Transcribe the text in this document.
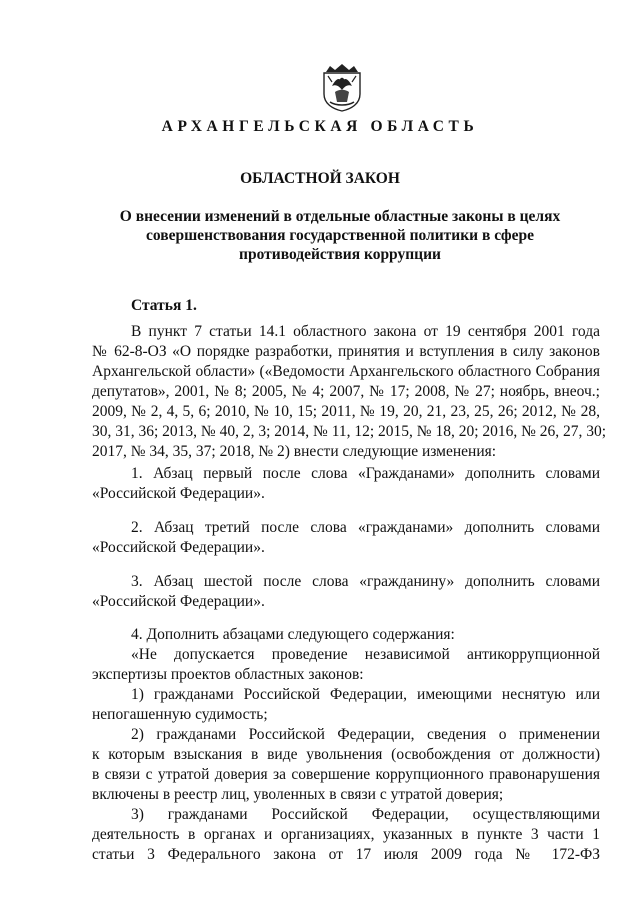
АРХАНГЕЛЬСКАЯ ОБЛАСТЬ
ОБЛАСТНОЙ ЗАКОН
О внесении изменений в отдельные областные законы в целях
совершенствования государственной политики в сфере
противодействия коррупции
Статья 1.
В пункт 7 статьи 14.1 областного закона от 19 сентября 2001 года
№ 62-8-ОЗ «О порядке разработки, принятия и вступления в силу законов
Архангельской области» («Ведомости Архангельского областного Собрания
депутатов», 2001, № 8; 2005, № 4; 2007, № 17; 2008, № 27; ноябрь, внеоч.;
2009, № 2, 4, 5, 6; 2010, № 10, 15; 2011, № 19, 20, 21, 23, 25, 26; 2012, № 28,
30, 31, 36; 2013, № 40, 2, 3; 2014, № 11, 12; 2015, № 18, 20; 2016, № 26, 27, 30;
2017, № 34, 35, 37; 2018, № 2) внести следующие изменения:
1. Абзац первый после слова «Гражданами» дополнить словами
«Российской Федерации».
2. Абзац третий после слова «гражданами» дополнить словами
«Российской Федерации».
3. Абзац шестой после слова «гражданину» дополнить словами
«Российской Федерации».
4. Дополнить абзацами следующего содержания:
«Не допускается проведение независимой антикоррупционной
экспертизы проектов областных законов:
1) гражданами Российской Федерации, имеющими неснятую или
непогашенную судимость;
2) гражданами Российской Федерации, сведения о применении
к которым взыскания в виде увольнения (освобождения от должности)
в связи с утратой доверия за совершение коррупционного правонарушения
включены в реестр лиц, уволенных в связи с утратой доверия;
3) гражданами Российской Федерации, осуществляющими
деятельность в органах и организациях, указанных в пункте 3 части 1
статьи 3 Федерального закона от 17 июля 2009 года № 172-ФЗ
